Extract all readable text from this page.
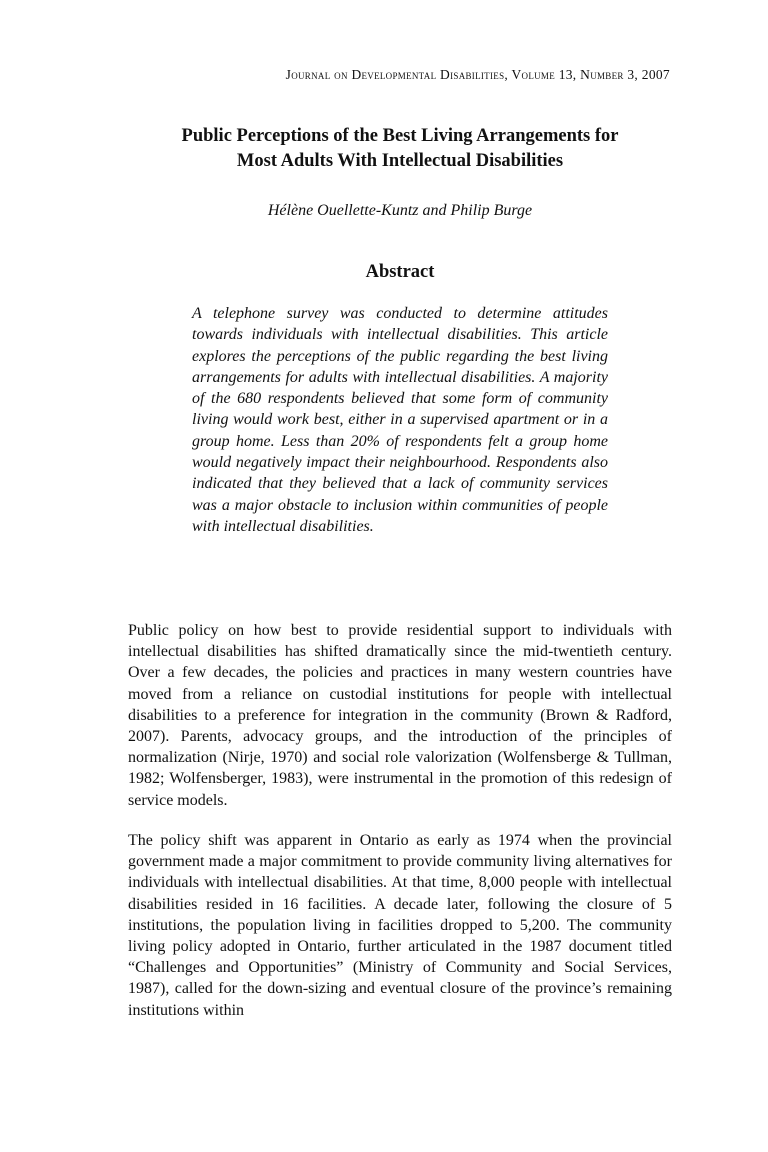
Journal on Developmental Disabilities, Volume 13, Number 3, 2007
Public Perceptions of the Best Living Arrangements for
Most Adults With Intellectual Disabilities

Hélène Ouellette-Kuntz and Philip Burge

Abstract

A telephone survey was conducted to determine attitudes towards individuals with intellectual disabilities. This article explores the perceptions of the public regarding the best living arrangements for adults with intellectual disabilities. A majority of the 680 respondents believed that some form of community living would work best, either in a supervised apartment or in a group home. Less than 20% of respondents felt a group home would negatively impact their neighbourhood. Respondents also indicated that they believed that a lack of community services was a major obstacle to inclusion within communities of people with intellectual disabilities.

Public policy on how best to provide residential support to individuals with intellectual disabilities has shifted dramatically since the mid-twentieth century. Over a few decades, the policies and practices in many western countries have moved from a reliance on custodial institutions for people with intellectual disabilities to a preference for integration in the community (Brown & Radford, 2007). Parents, advocacy groups, and the introduction of the principles of normalization (Nirje, 1970) and social role valorization (Wolfensberge & Tullman, 1982; Wolfensberger, 1983), were instrumental in the promotion of this redesign of service models.

The policy shift was apparent in Ontario as early as 1974 when the provincial government made a major commitment to provide community living alternatives for individuals with intellectual disabilities. At that time, 8,000 people with intellectual disabilities resided in 16 facilities. A decade later, following the closure of 5 institutions, the population living in facilities dropped to 5,200. The community living policy adopted in Ontario, further articulated in the 1987 document titled “Challenges and Opportunities” (Ministry of Community and Social Services, 1987), called for the down-sizing and eventual closure of the province’s remaining institutions within
